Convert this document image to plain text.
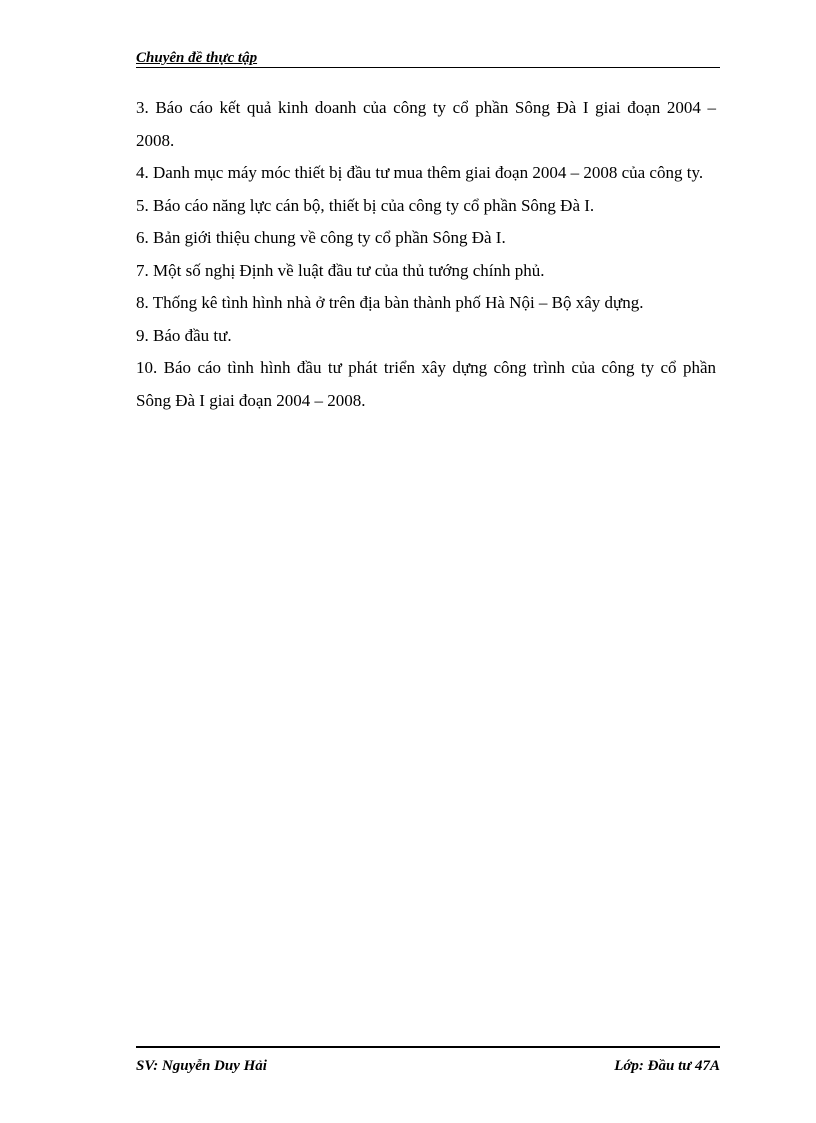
Chuyên đề thực tập

3. Báo cáo kết quả kinh doanh của công ty cổ phần Sông Đà I giai đoạn 2004 – 2008.

4. Danh mục máy móc thiết bị đầu tư mua thêm giai đoạn 2004 – 2008 của công ty.

5. Báo cáo năng lực cán bộ, thiết bị của công ty cổ phần Sông Đà I.

6. Bản giới thiệu chung về công ty cổ phần Sông Đà I.

7. Một số nghị Định về luật đầu tư của thủ tướng chính phủ.

8. Thống kê tình hình nhà ở trên địa bàn thành phố Hà Nội – Bộ xây dựng.

9. Báo đầu tư.

10. Báo cáo tình hình đầu tư phát triển xây dựng công trình của công ty cổ phần Sông Đà I giai đoạn 2004 – 2008.

SV: Nguyễn Duy Hải	Lớp: Đầu tư 47A
